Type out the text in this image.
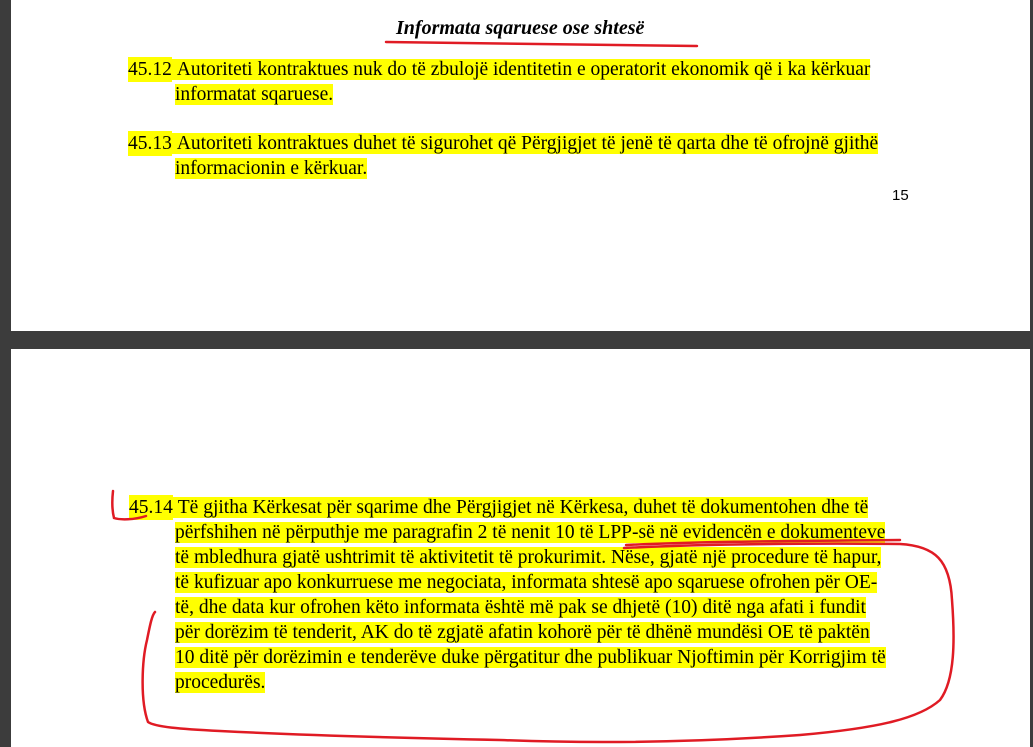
Informata sqaruese ose shtesë
45.12 Autoriteti kontraktues nuk do të zbulojë identitetin e operatorit ekonomik që i ka kërkuar
informatat sqaruese.
45.13 Autoriteti kontraktues duhet të sigurohet që Përgjigjet të jenë të qarta dhe të ofrojnë gjithë
informacionin e kërkuar.
15
45.14 Të gjitha Kërkesat për sqarime dhe Përgjigjet në Kërkesa, duhet të dokumentohen dhe të
përfshihen në përputhje me paragrafin 2 të nenit 10 të LPP-së në evidencën e dokumenteve
të mbledhura gjatë ushtrimit të aktivitetit të prokurimit. Nëse, gjatë një procedure të hapur,
të kufizuar apo konkurruese me negociata, informata shtesë apo sqaruese ofrohen për OE-
të, dhe data kur ofrohen këto informata është më pak se dhjetë (10) ditë nga afati i fundit
për dorëzim të tenderit, AK do të zgjatë afatin kohorë për të dhënë mundësi OE të paktën
10 ditë për dorëzimin e tenderëve duke përgatitur dhe publikuar Njoftimin për Korrigjim të
procedurës.
